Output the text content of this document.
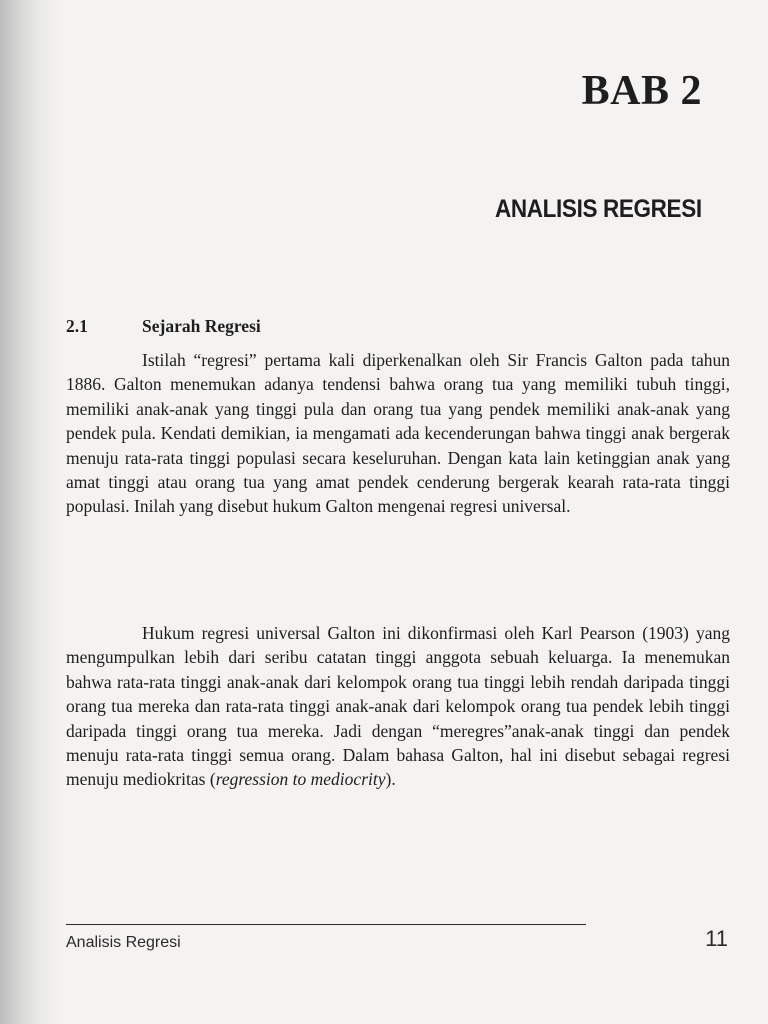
BAB 2
ANALISIS REGRESI
2.1	Sejarah Regresi

Istilah “regresi” pertama kali diperkenalkan oleh Sir Francis Galton pada tahun 1886. Galton menemukan adanya tendensi bahwa orang tua yang memiliki tubuh tinggi, memiliki anak-anak yang tinggi pula dan orang tua yang pendek memiliki anak-anak yang pendek pula. Kendati demikian, ia mengamati ada kecenderungan bahwa tinggi anak bergerak menuju rata-rata tinggi populasi secara keseluruhan. Dengan kata lain ketinggian anak yang amat tinggi atau orang tua yang amat pendek cenderung bergerak kearah rata-rata tinggi populasi. Inilah yang disebut hukum Galton mengenai regresi universal.

Hukum regresi universal Galton ini dikonfirmasi oleh Karl Pearson (1903) yang mengumpulkan lebih dari seribu catatan tinggi anggota sebuah keluarga. Ia menemukan bahwa rata-rata tinggi anak-anak dari kelompok orang tua tinggi lebih rendah daripada tinggi orang tua mereka dan rata-rata tinggi anak-anak dari kelompok orang tua pendek lebih tinggi daripada tinggi orang tua mereka. Jadi dengan “meregres”anak-anak tinggi dan pendek menuju rata-rata tinggi semua orang. Dalam bahasa Galton, hal ini disebut sebagai regresi menuju mediokritas (regression to mediocrity).

Analisis Regresi	11
